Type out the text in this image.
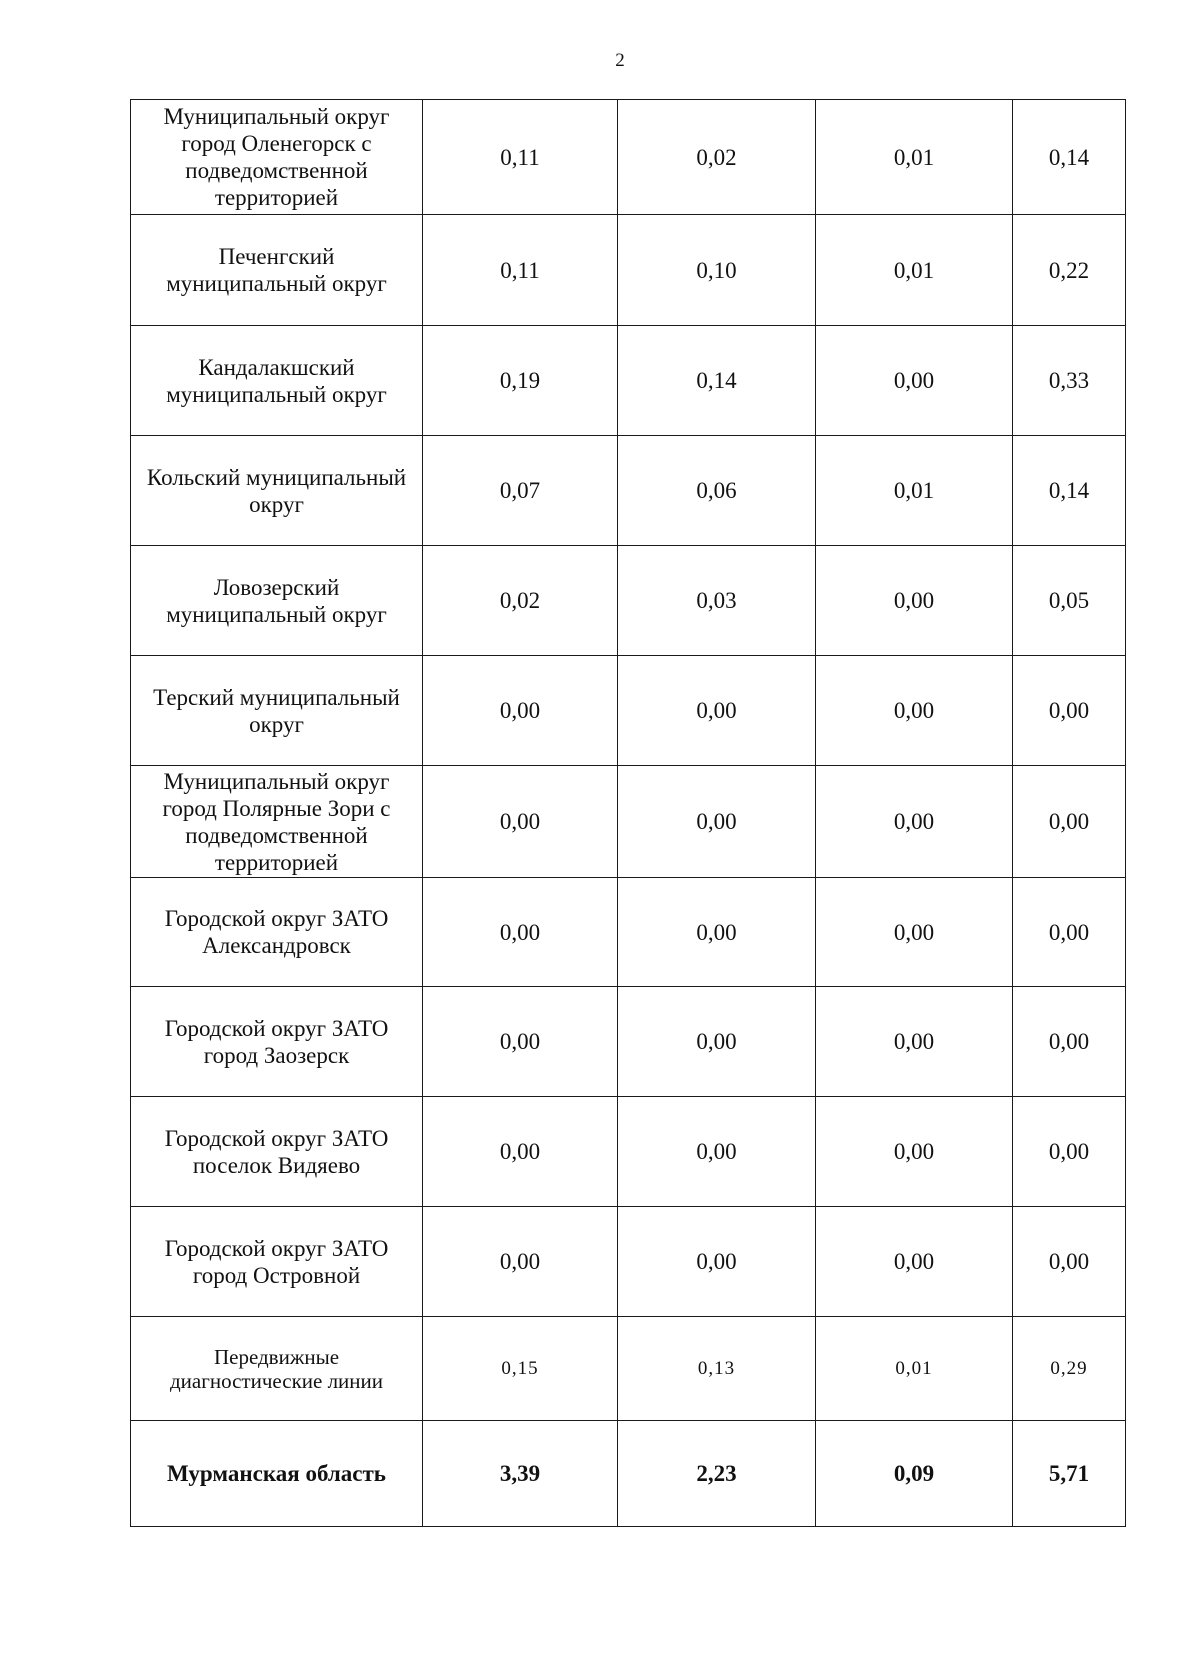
2
Муниципальный округ город Оленегорск с подведомственной территорией	0,11	0,02	0,01	0,14
Печенгский муниципальный округ	0,11	0,10	0,01	0,22
Кандалакшский муниципальный округ	0,19	0,14	0,00	0,33
Кольский муниципальный округ	0,07	0,06	0,01	0,14
Ловозерский муниципальный округ	0,02	0,03	0,00	0,05
Терский муниципальный округ	0,00	0,00	0,00	0,00
Муниципальный округ город Полярные Зори с подведомственной территорией	0,00	0,00	0,00	0,00
Городской округ ЗАТО Александровск	0,00	0,00	0,00	0,00
Городской округ ЗАТО город Заозерск	0,00	0,00	0,00	0,00
Городской округ ЗАТО поселок Видяево	0,00	0,00	0,00	0,00
Городской округ ЗАТО город Островной	0,00	0,00	0,00	0,00
Передвижные диагностические линии	0,15	0,13	0,01	0,29
Мурманская область	3,39	2,23	0,09	5,71
